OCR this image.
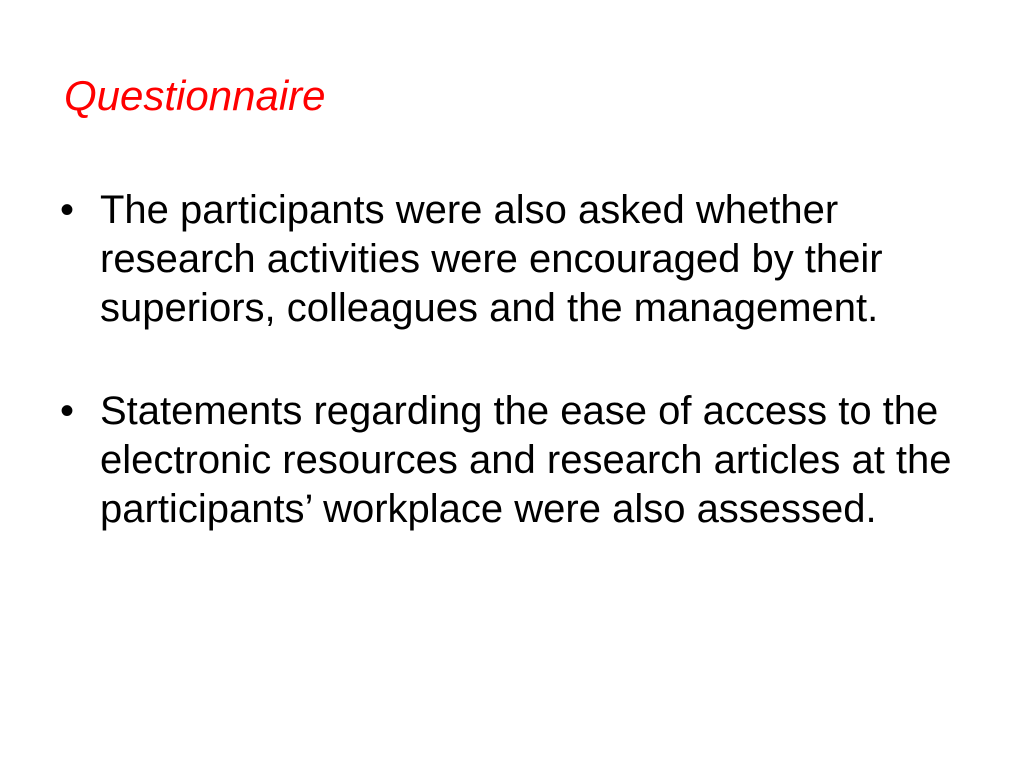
Questionnaire
• The participants were also asked whether research activities were encouraged by their superiors, colleagues and the management.
• Statements regarding the ease of access to the electronic resources and research articles at the participants’ workplace were also assessed.
